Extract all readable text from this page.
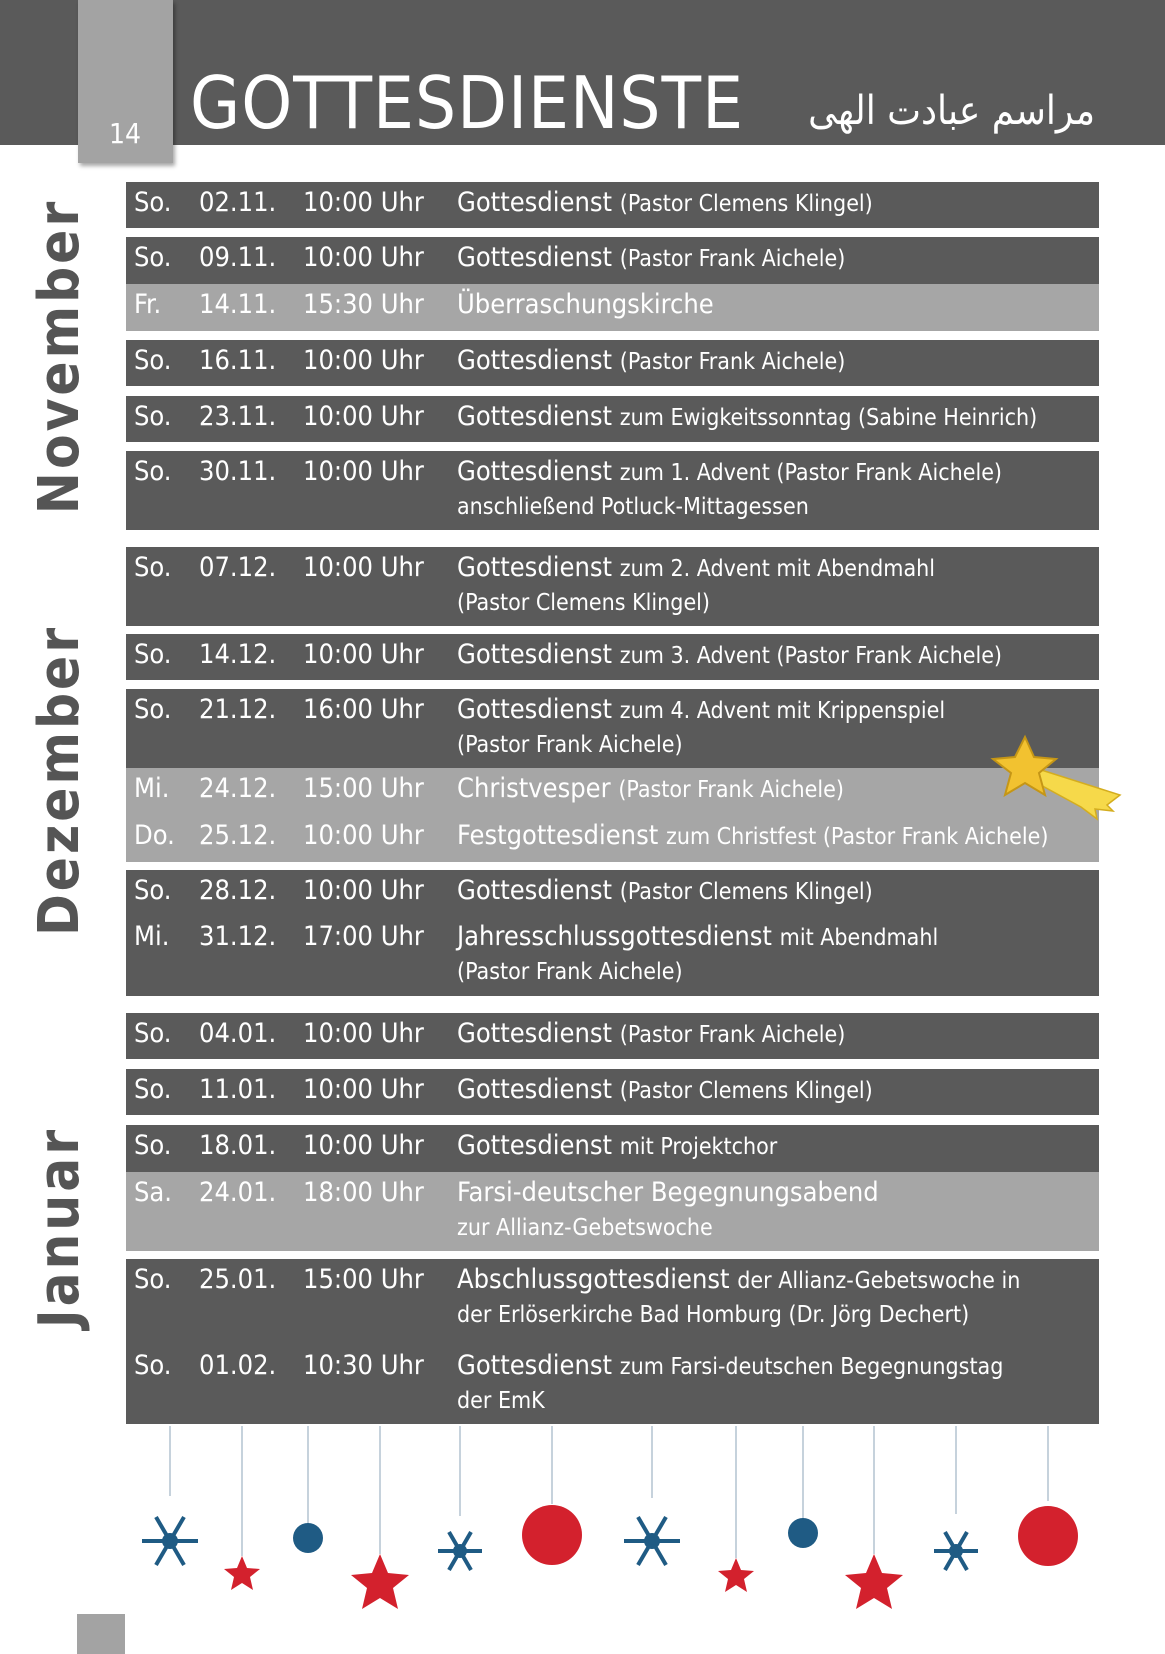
14 GOTTESDIENSTE مراسم عبادت الهی
November
Dezember
Januar
So. 02.11. 10:00 Uhr Gottesdienst (Pastor Clemens Klingel)
So. 09.11. 10:00 Uhr Gottesdienst (Pastor Frank Aichele)
Fr. 14.11. 15:30 Uhr Überraschungskirche
So. 16.11. 10:00 Uhr Gottesdienst (Pastor Frank Aichele)
So. 23.11. 10:00 Uhr Gottesdienst zum Ewigkeitssonntag (Sabine Heinrich)
So. 30.11. 10:00 Uhr Gottesdienst zum 1. Advent (Pastor Frank Aichele)
anschließend Potluck-Mittagessen
So. 07.12. 10:00 Uhr Gottesdienst zum 2. Advent mit Abendmahl
(Pastor Clemens Klingel)
So. 14.12. 10:00 Uhr Gottesdienst zum 3. Advent (Pastor Frank Aichele)
So. 21.12. 16:00 Uhr Gottesdienst zum 4. Advent mit Krippenspiel
(Pastor Frank Aichele)
Mi. 24.12. 15:00 Uhr Christvesper (Pastor Frank Aichele)
Do. 25.12. 10:00 Uhr Festgottesdienst zum Christfest (Pastor Frank Aichele)
So. 28.12. 10:00 Uhr Gottesdienst (Pastor Clemens Klingel)
Mi. 31.12. 17:00 Uhr Jahresschlussgottesdienst mit Abendmahl
(Pastor Frank Aichele)
So. 04.01. 10:00 Uhr Gottesdienst (Pastor Frank Aichele)
So. 11.01. 10:00 Uhr Gottesdienst (Pastor Clemens Klingel)
So. 18.01. 10:00 Uhr Gottesdienst mit Projektchor
Sa. 24.01. 18:00 Uhr Farsi-deutscher Begegnungsabend
zur Allianz-Gebetswoche
So. 25.01. 15:00 Uhr Abschlussgottesdienst der Allianz-Gebetswoche in
der Erlöserkirche Bad Homburg (Dr. Jörg Dechert)
So. 01.02. 10:30 Uhr Gottesdienst zum Farsi-deutschen Begegnungstag
der EmK
